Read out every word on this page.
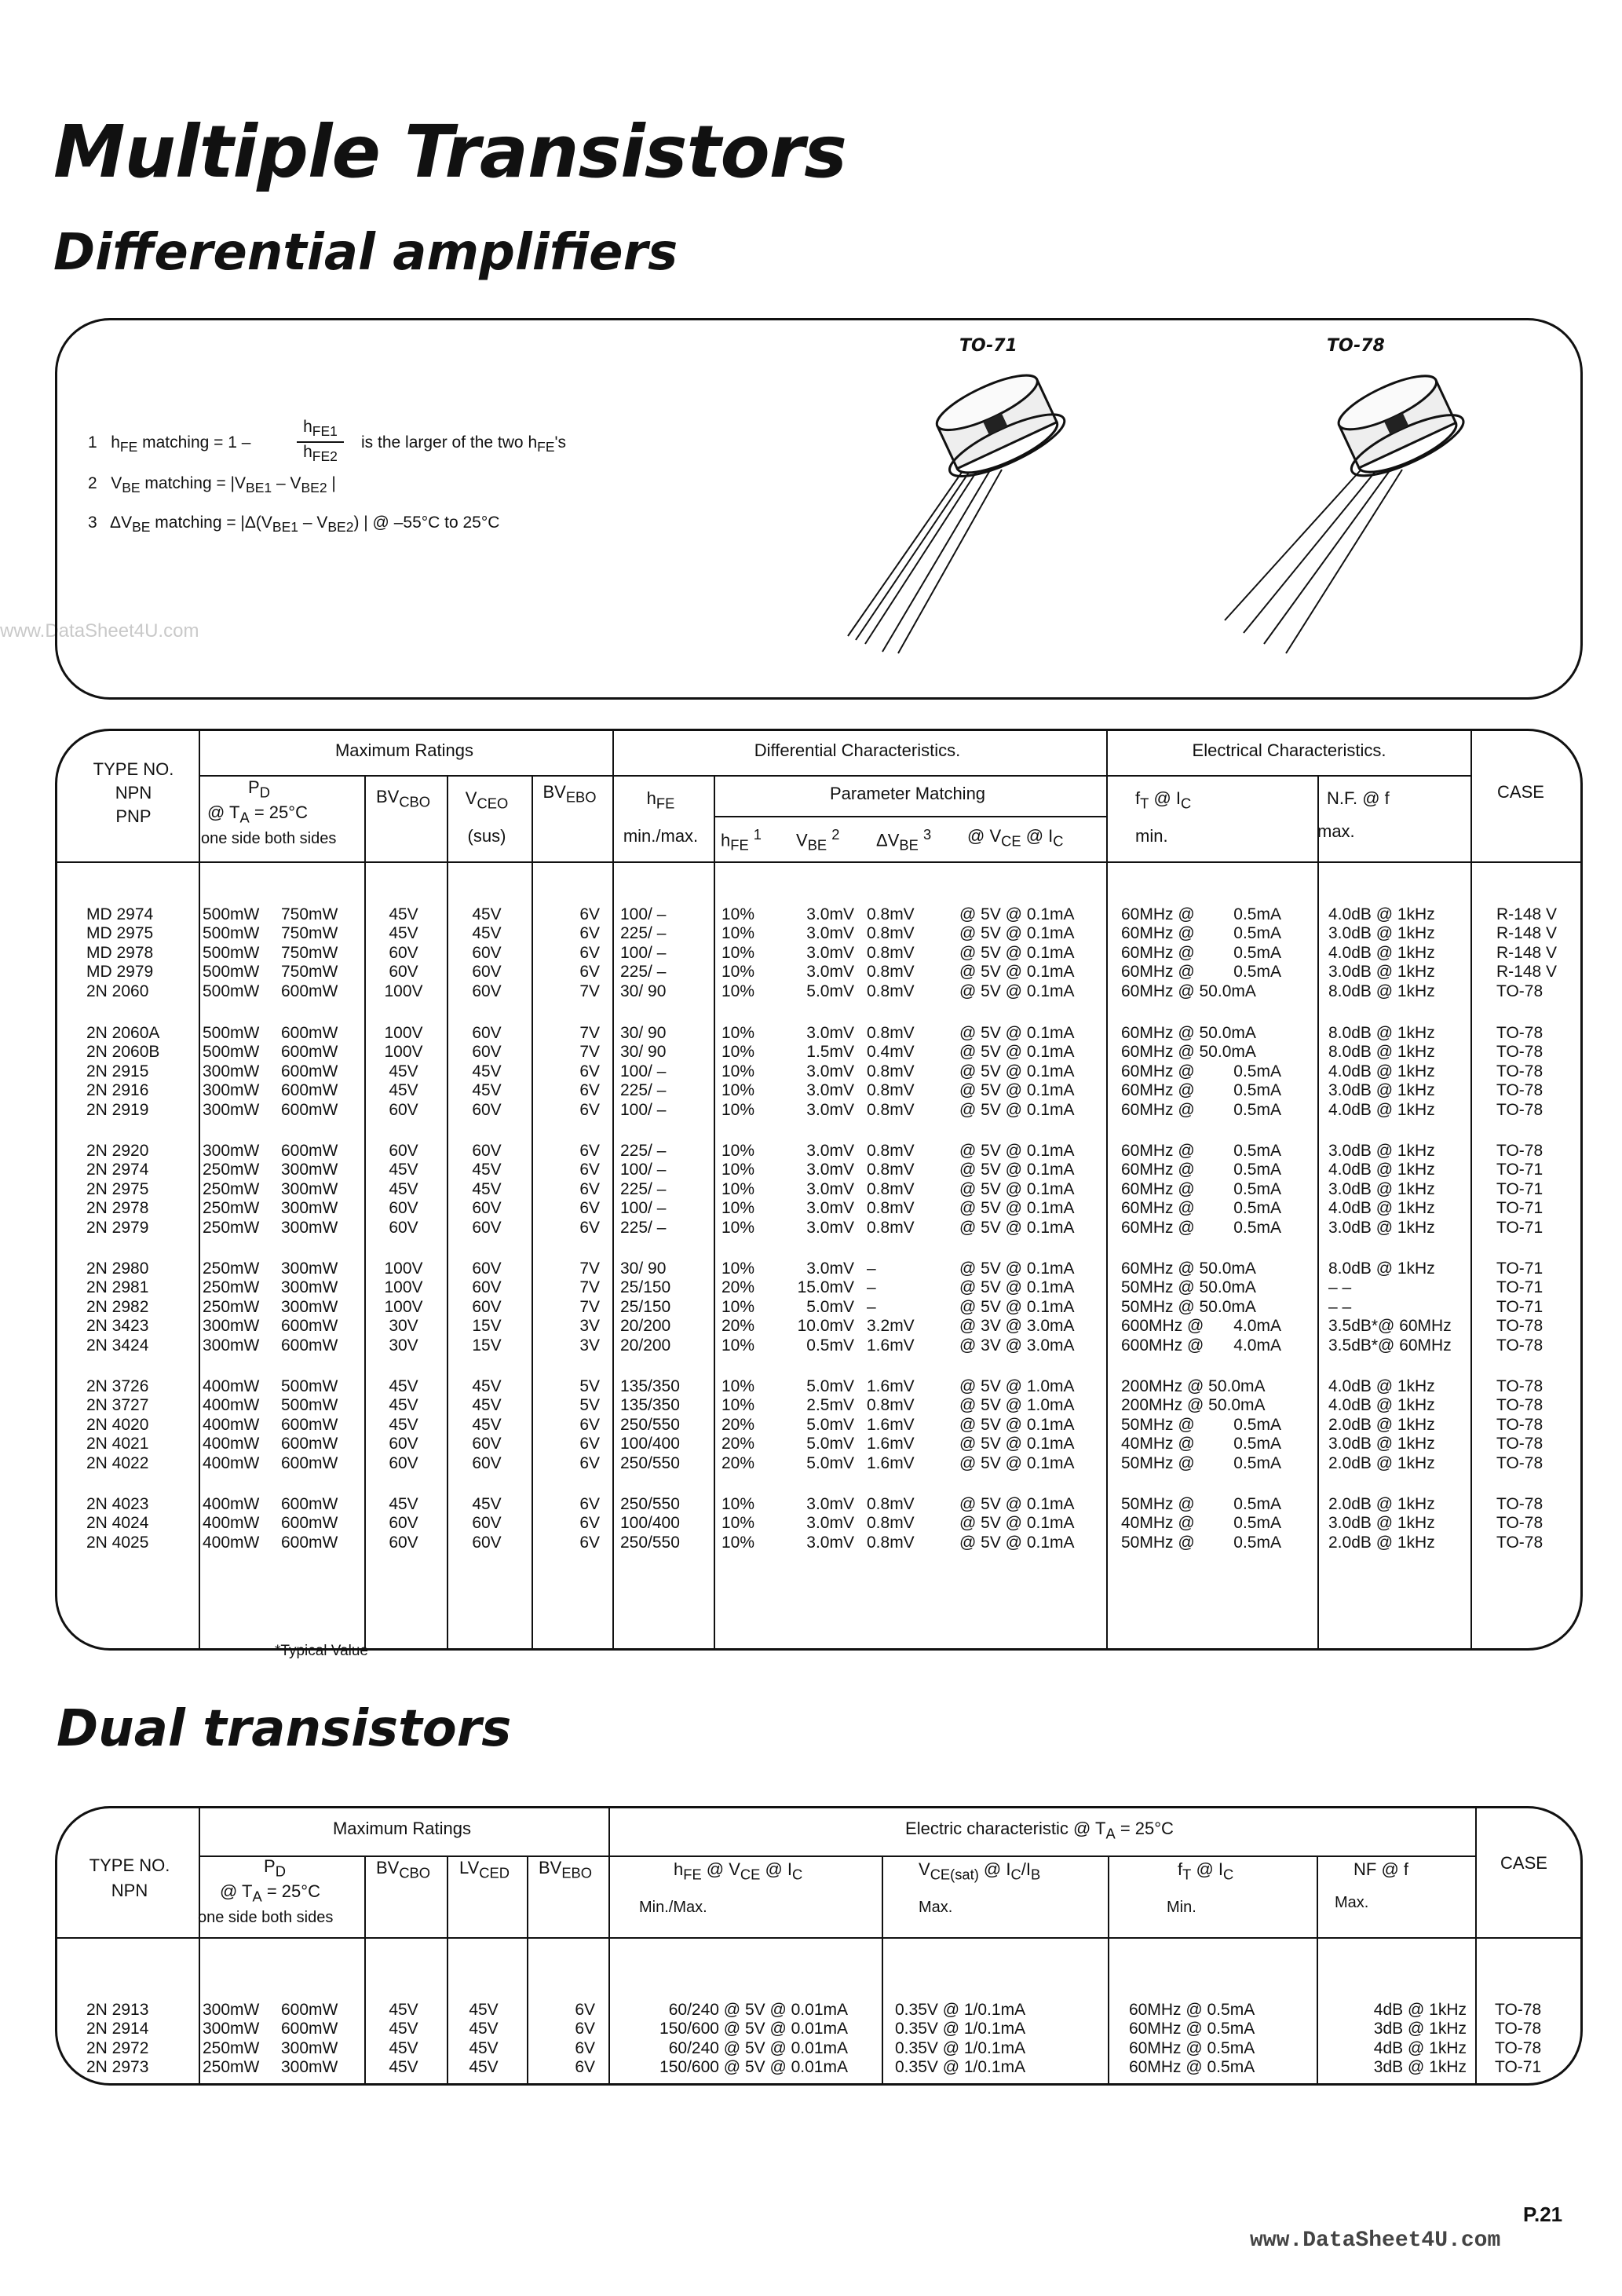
Multiple Transistors
Differential amplifiers
www.DataSheet4U.com
1 $h_{FE}$ matching = 1 –
$h_{FE1}$
$h_{FE2}$
is the larger of the two $h_{FE}'s$
2 $V_{BE}$ matching = $|V_{BE1} - V_{BE2}$ |
3 $\Delta V_{BE}$ matching = $|\Delta(V_{BE1} - V_{BE2})$ | @ –55°C to 25°C
TO-71	TO-78
TYPE NO.
NPN
PNP
Maximum Ratings	Differential Characteristics.	Electrical Characteristics.
CASE
$P_D$
@ $T_A = 25^\circ C$
one side both sides
$BV_{CBO}$	$V_{CEO}$
(sus)
$BV_{EBO}$	$h_{FE}$
min./max.
Parameter Matching
$h_{FE}$ $^1$ $V_{BE}$ $^2$ $\Delta V_{BE}$ $^3$ @ $V_{CE}$ @ $I_C$
$f_T$ @ $I_C$
min.
N.F. @ f
max.
MD 2974	500mW	750mW	45V	45V	6V 100/ –	10%	3.0mV 0.8mV	@ 5V @ 0.1mA	60MHz @	0.5mA	4.0dB @ 1kHz	R-148 V
MD 2975	500mW	750mW	45V	45V	6V 225/ –	10%	3.0mV 0.8mV	@ 5V @ 0.1mA	60MHz @	0.5mA	3.0dB @ 1kHz	R-148 V
MD 2978	500mW	750mW	60V	60V	6V 100/ –	10%	3.0mV 0.8mV	@ 5V @ 0.1mA	60MHz @	0.5mA	4.0dB @ 1kHz	R-148 V
MD 2979	500mW	750mW	60V	60V	6V 225/ –	10%	3.0mV 0.8mV	@ 5V @ 0.1mA	60MHz @	0.5mA	3.0dB @ 1kHz	R-148 V
2N 2060	500mW	600mW	100V	60V	7V 30/ 90	10%	5.0mV 0.8mV	@ 5V @ 0.1mA	60MHz @ 50.0mA	8.0dB @ 1kHz	TO-78
2N 2060A	500mW	600mW	100V	60V	7V 30/ 90	10%	3.0mV 0.8mV	@ 5V @ 0.1mA	60MHz @ 50.0mA	8.0dB @ 1kHz	TO-78
2N 2060B	500mW	600mW	100V	60V	7V 30/ 90	10%	1.5mV 0.4mV	@ 5V @ 0.1mA	60MHz @ 50.0mA	8.0dB @ 1kHz	TO-78
2N 2915	300mW	600mW	45V	45V	6V 100/ –	10%	3.0mV 0.8mV	@ 5V @ 0.1mA	60MHz @	0.5mA	4.0dB @ 1kHz	TO-78
2N 2916	300mW	600mW	45V	45V	6V 225/ –	10%	3.0mV 0.8mV	@ 5V @ 0.1mA	60MHz @	0.5mA	3.0dB @ 1kHz	TO-78
2N 2919	300mW	600mW	60V	60V	6V 100/ –	10%	3.0mV 0.8mV	@ 5V @ 0.1mA	60MHz @	0.5mA	4.0dB @ 1kHz	TO-78
2N 2920	300mW	600mW	60V	60V	6V 225/ –	10%	3.0mV 0.8mV	@ 5V @ 0.1mA	60MHz @	0.5mA	3.0dB @ 1kHz	TO-78
2N 2974	250mW	300mW	45V	45V	6V 100/ –	10%	3.0mV 0.8mV	@ 5V @ 0.1mA	60MHz @	0.5mA	4.0dB @ 1kHz	TO-71
2N 2975	250mW	300mW	45V	45V	6V 225/ –	10%	3.0mV 0.8mV	@ 5V @ 0.1mA	60MHz @	0.5mA	3.0dB @ 1kHz	TO-71
2N 2978	250mW	300mW	60V	60V	6V 100/ –	10%	3.0mV 0.8mV	@ 5V @ 0.1mA	60MHz @	0.5mA	4.0dB @ 1kHz	TO-71
2N 2979	250mW	300mW	60V	60V	6V 225/ –	10%	3.0mV 0.8mV	@ 5V @ 0.1mA	60MHz @	0.5mA	3.0dB @ 1kHz	TO-71
2N 2980	250mW	300mW	100V	60V	7V 30/ 90	10%	3.0mV –	@ 5V @ 0.1mA	60MHz @ 50.0mA	8.0dB @ 1kHz	TO-71
2N 2981	250mW	300mW	100V	60V	7V 25/150	20%	15.0mV –	@ 5V @ 0.1mA	50MHz @ 50.0mA	– –	TO-71
2N 2982	250mW	300mW	100V	60V	7V 25/150	10%	5.0mV –	@ 5V @ 0.1mA	50MHz @ 50.0mA	– –	TO-71
2N 3423	300mW	600mW	30V	15V	3V 20/200	20%	10.0mV 3.2mV	@ 3V @ 3.0mA	600MHz @	4.0mA	3.5dB*@ 60MHz	TO-78
2N 3424	300mW	600mW	30V	15V	3V 20/200	10%	0.5mV 1.6mV	@ 3V @ 3.0mA	600MHz @	4.0mA	3.5dB*@ 60MHz	TO-78
2N 3726	400mW	500mW	45V	45V	5V 135/350	10%	5.0mV 1.6mV	@ 5V @ 1.0mA	200MHz @ 50.0mA	4.0dB @ 1kHz	TO-78
2N 3727	400mW	500mW	45V	45V	5V 135/350	10%	2.5mV 0.8mV	@ 5V @ 1.0mA	200MHz @ 50.0mA	4.0dB @ 1kHz	TO-78
2N 4020	400mW	600mW	45V	45V	6V 250/550	20%	5.0mV 1.6mV	@ 5V @ 0.1mA	50MHz @	0.5mA	2.0dB @ 1kHz	TO-78
2N 4021	400mW	600mW	60V	60V	6V 100/400	20%	5.0mV 1.6mV	@ 5V @ 0.1mA	40MHz @	0.5mA	3.0dB @ 1kHz	TO-78
2N 4022	400mW	600mW	60V	60V	6V 250/550	20%	5.0mV 1.6mV	@ 5V @ 0.1mA	50MHz @	0.5mA	2.0dB @ 1kHz	TO-78
2N 4023	400mW	600mW	45V	45V	6V 250/550	10%	3.0mV 0.8mV	@ 5V @ 0.1mA	50MHz @	0.5mA	2.0dB @ 1kHz	TO-78
2N 4024	400mW	600mW	60V	60V	6V 100/400	10%	3.0mV 0.8mV	@ 5V @ 0.1mA	40MHz @	0.5mA	3.0dB @ 1kHz	TO-78
2N 4025	400mW	600mW	60V	60V	6V 250/550	10%	3.0mV 0.8mV	@ 5V @ 0.1mA	50MHz @	0.5mA	2.0dB @ 1kHz	TO-78
*Typical Value
Dual transistors
TYPE NO.
NPN
Maximum Ratings	Electric characteristic @ $T_A = 25^\circ C$
CASE
$P_D$
@ $T_A = 25^\circ C$
one side both sides
$BV_{CBO}$	$LV_{CED}$	$BV_{EBO}$	$h_{FE}$ @ $V_{CE}$ @ $I_C$
Min./Max.
$V_{CE(sat)}$ @ $I_C/I_B$
Max.
$f_T$ @ $I_C$
Min.
NF @ f
Max.
2N 2913	300mW	600mW	45V	45V	6V	60/240 @ 5V @ 0.01mA	0.35V @ 1/0.1mA	60MHz @ 0.5mA	4dB @ 1kHz TO-78
2N 2914	300mW	600mW	45V	45V	6V	150/600 @ 5V @ 0.01mA	0.35V @ 1/0.1mA	60MHz @ 0.5mA	3dB @ 1kHz TO-78
2N 2972	250mW	300mW	45V	45V	6V	60/240 @ 5V @ 0.01mA	0.35V @ 1/0.1mA	60MHz @ 0.5mA	4dB @ 1kHz TO-78
2N 2973	250mW	300mW	45V	45V	6V	150/600 @ 5V @ 0.01mA	0.35V @ 1/0.1mA	60MHz @ 0.5mA	3dB @ 1kHz TO-71
P.21
www.DataSheet4U.com
